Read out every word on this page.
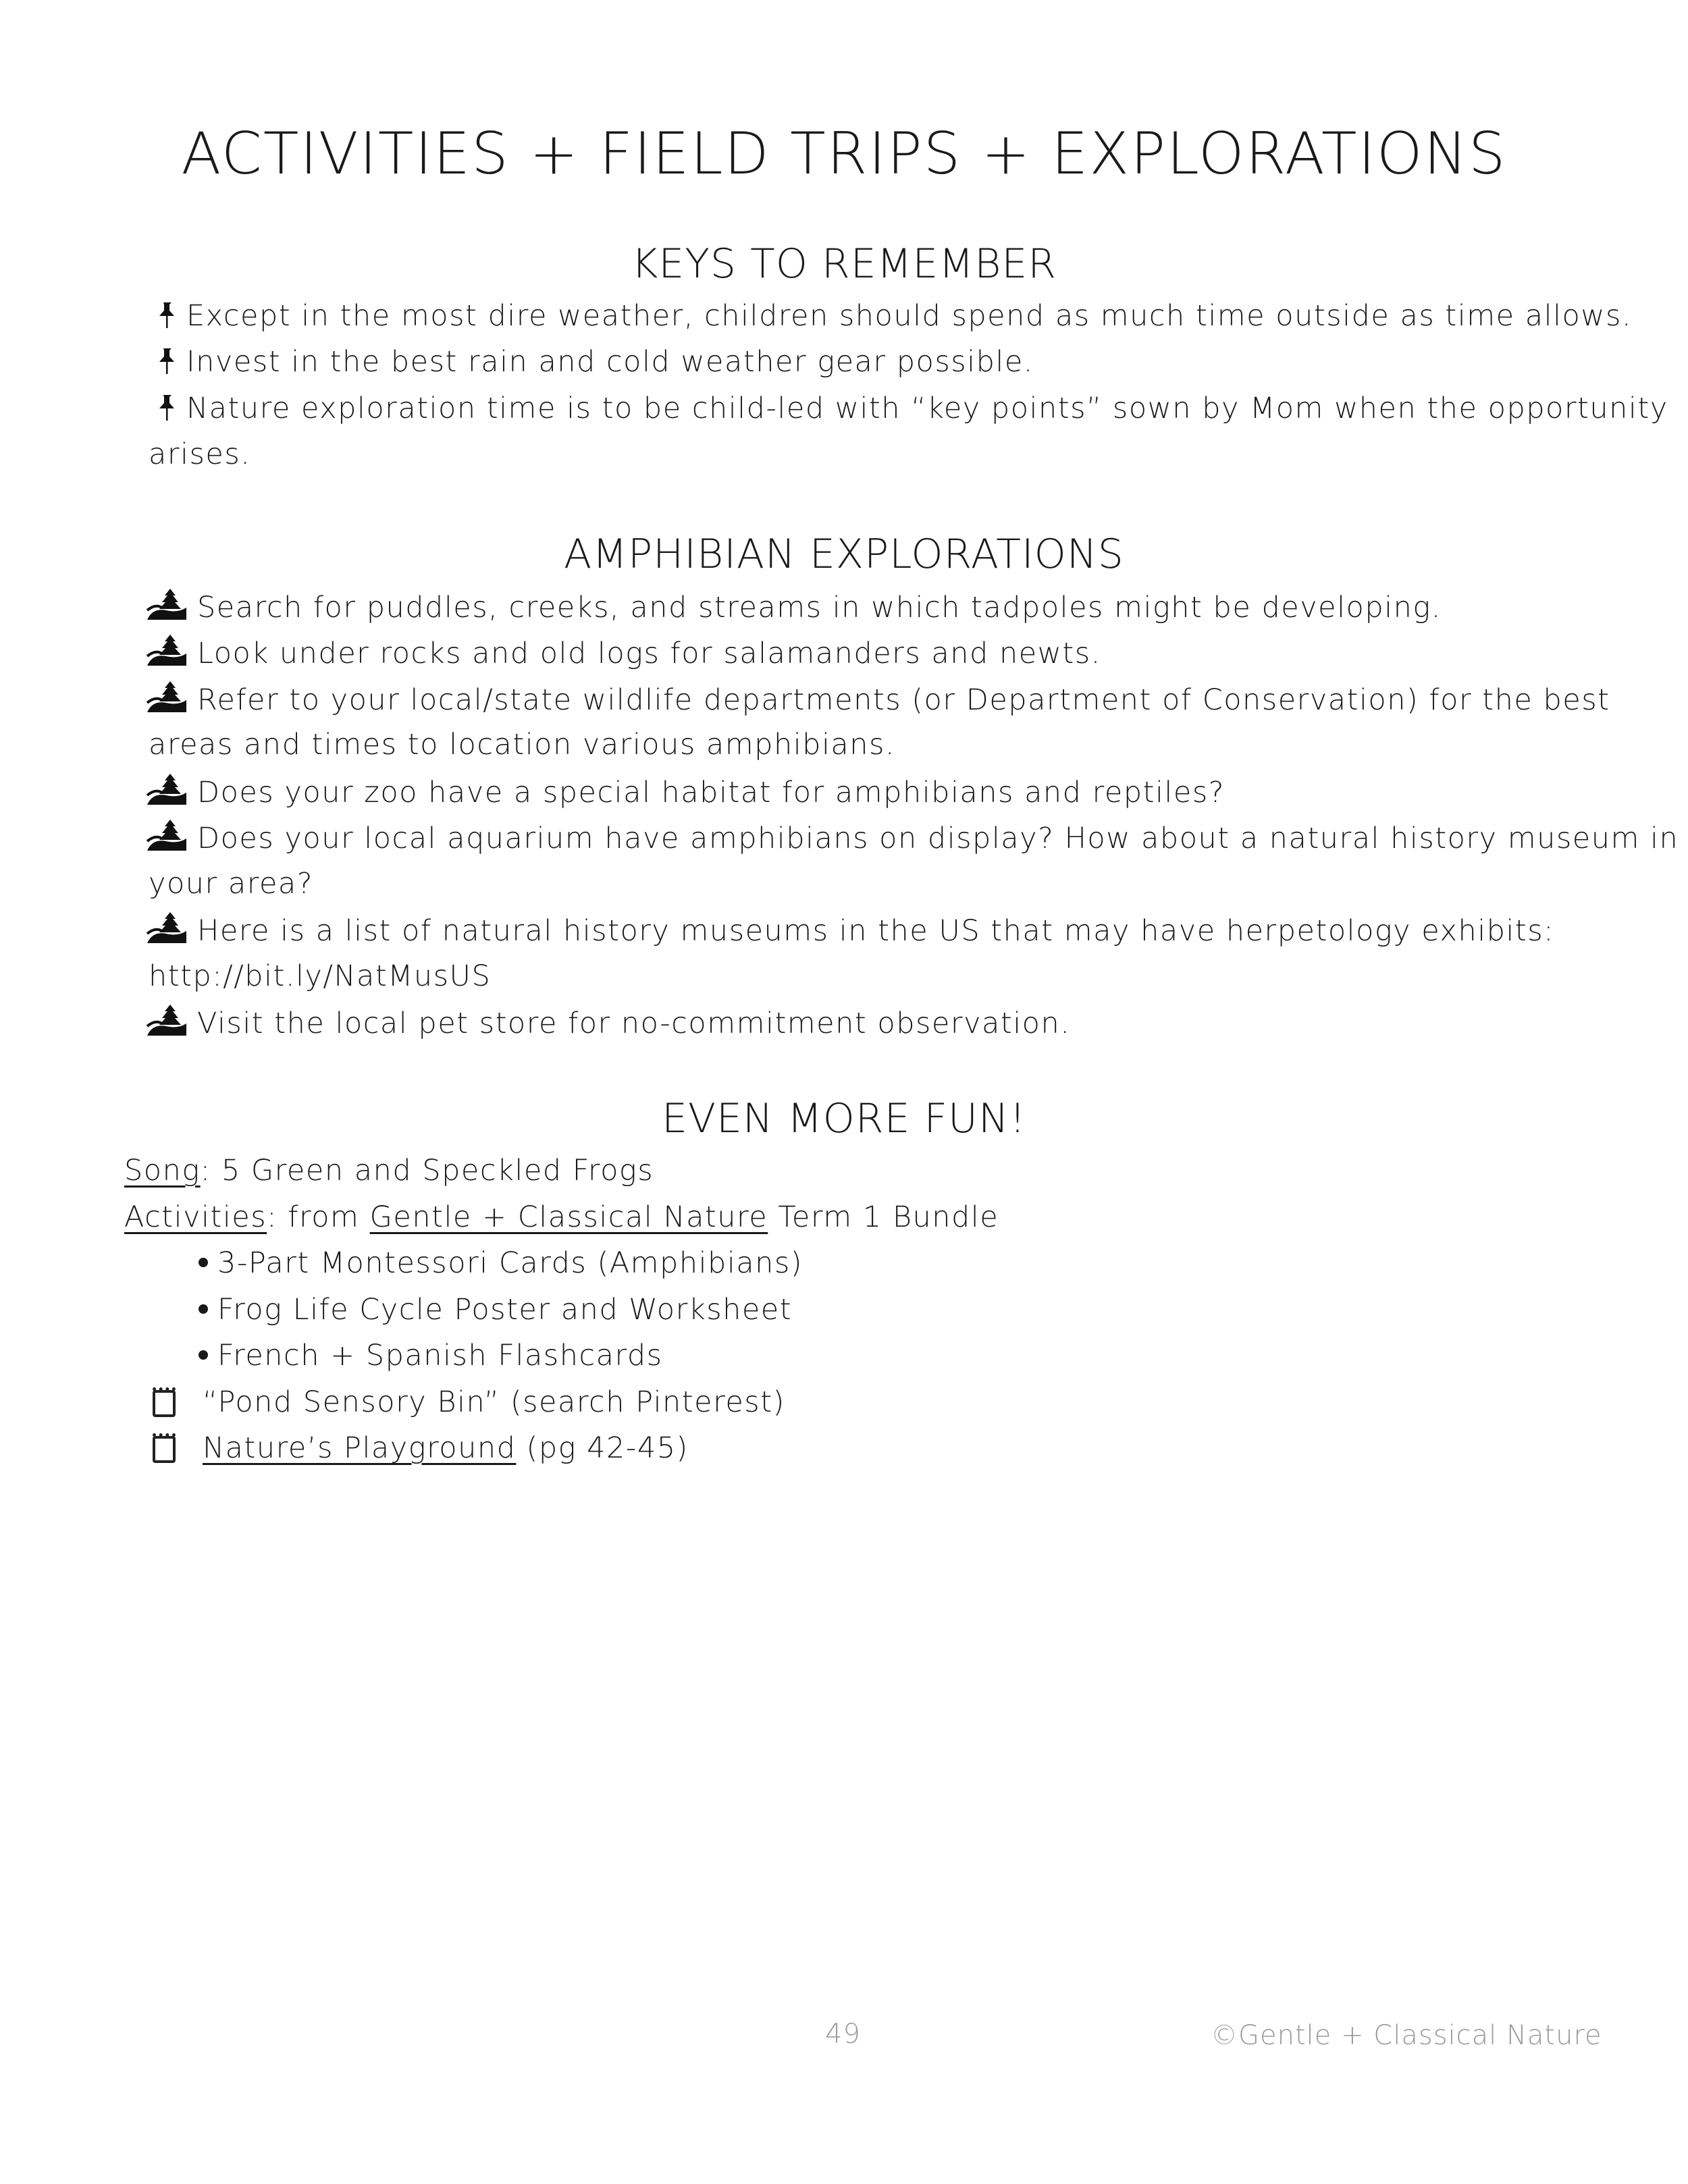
ACTIVITIES + FIELD TRIPS + EXPLORATIONS
KEYS TO REMEMBER
Except in the most dire weather, children should spend as much time outside as time allows.
Invest in the best rain and cold weather gear possible.
Nature exploration time is to be child-led with “key points” sown by Mom when the opportunity
arises.
AMPHIBIAN EXPLORATIONS
Search for puddles, creeks, and streams in which tadpoles might be developing.
Look under rocks and old logs for salamanders and newts.
Refer to your local/state wildlife departments (or Department of Conservation) for the best
areas and times to location various amphibians.
Does your zoo have a special habitat for amphibians and reptiles?
Does your local aquarium have amphibians on display? How about a natural history museum in
your area?
Here is a list of natural history museums in the US that may have herpetology exhibits:
http://bit.ly/NatMusUS
Visit the local pet store for no-commitment observation.
EVEN MORE FUN!
Song: 5 Green and Speckled Frogs
Activities: from Gentle + Classical Nature Term 1 Bundle
3-Part Montessori Cards (Amphibians)
Frog Life Cycle Poster and Worksheet
French + Spanish Flashcards
“Pond Sensory Bin” (search Pinterest)
Nature’s Playground (pg 42-45)
49	©Gentle + Classical Nature
